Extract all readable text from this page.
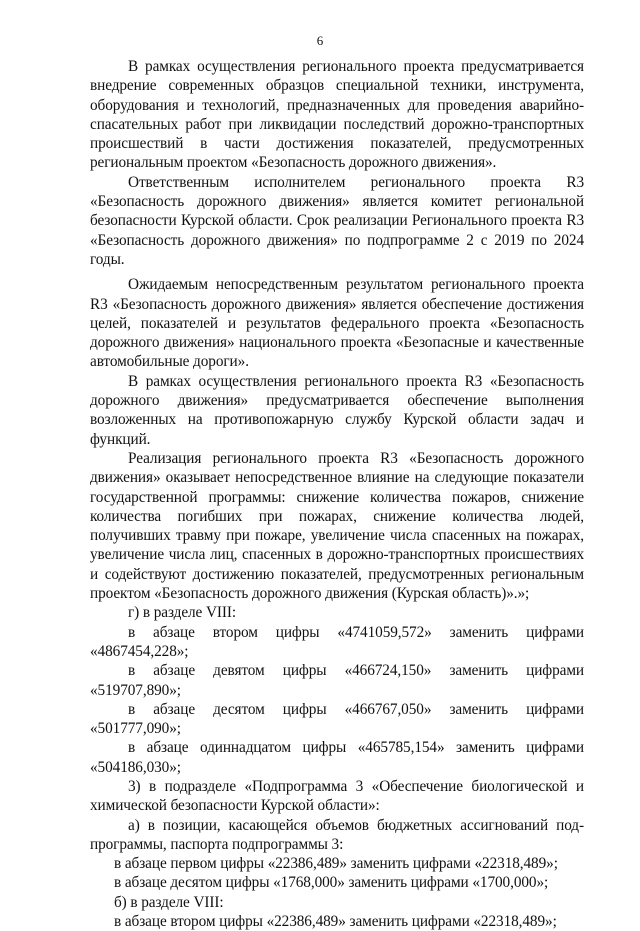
6
В рамках осуществления регионального проекта предусматривается
внедрение современных образцов специальной техники, инструмента,
оборудования и технологий, предназначенных для проведения аварийно-
спасательных работ при ликвидации последствий дорожно-транспортных
происшествий в части достижения показателей, предусмотренных
региональным проектом «Безопасность дорожного движения».
Ответственным исполнителем регионального проекта R3
«Безопасность дорожного движения» является комитет региональной
безопасности Курской области. Срок реализации Регионального проекта R3
«Безопасность дорожного движения» по подпрограмме 2 с 2019 по 2024
годы.
Ожидаемым непосредственным результатом регионального проекта
R3 «Безопасность дорожного движения» является обеспечение достижения
целей, показателей и результатов федерального проекта «Безопасность
дорожного движения» национального проекта «Безопасные и качественные
автомобильные дороги».
В рамках осуществления регионального проекта R3 «Безопасность
дорожного движения» предусматривается обеспечение выполнения
возложенных на противопожарную службу Курской области задач и
функций.
Реализация регионального проекта R3 «Безопасность дорожного
движения» оказывает непосредственное влияние на следующие показатели
государственной программы: снижение количества пожаров, снижение
количества погибших при пожарах, снижение количества людей,
получивших травму при пожаре, увеличение числа спасенных на пожарах,
увеличение числа лиц, спасенных в дорожно-транспортных происшествиях
и содействуют достижению показателей, предусмотренных региональным
проектом «Безопасность дорожного движения (Курская область)».»;
г) в разделе VIII:
в абзаце втором цифры «4741059,572» заменить цифрами
«4867454,228»;
в абзаце девятом цифры «466724,150» заменить цифрами
«519707,890»;
в абзаце десятом цифры «466767,050» заменить цифрами
«501777,090»;
в абзаце одиннадцатом цифры «465785,154» заменить цифрами
«504186,030»;
3) в подразделе «Подпрограмма 3 «Обеспечение биологической и
химической безопасности Курской области»:
а) в позиции, касающейся объемов бюджетных ассигнований под-
программы, паспорта подпрограммы 3:
в абзаце первом цифры «22386,489» заменить цифрами «22318,489»;
в абзаце десятом цифры «1768,000» заменить цифрами «1700,000»;
б) в разделе VIII:
в абзаце втором цифры «22386,489» заменить цифрами «22318,489»;
